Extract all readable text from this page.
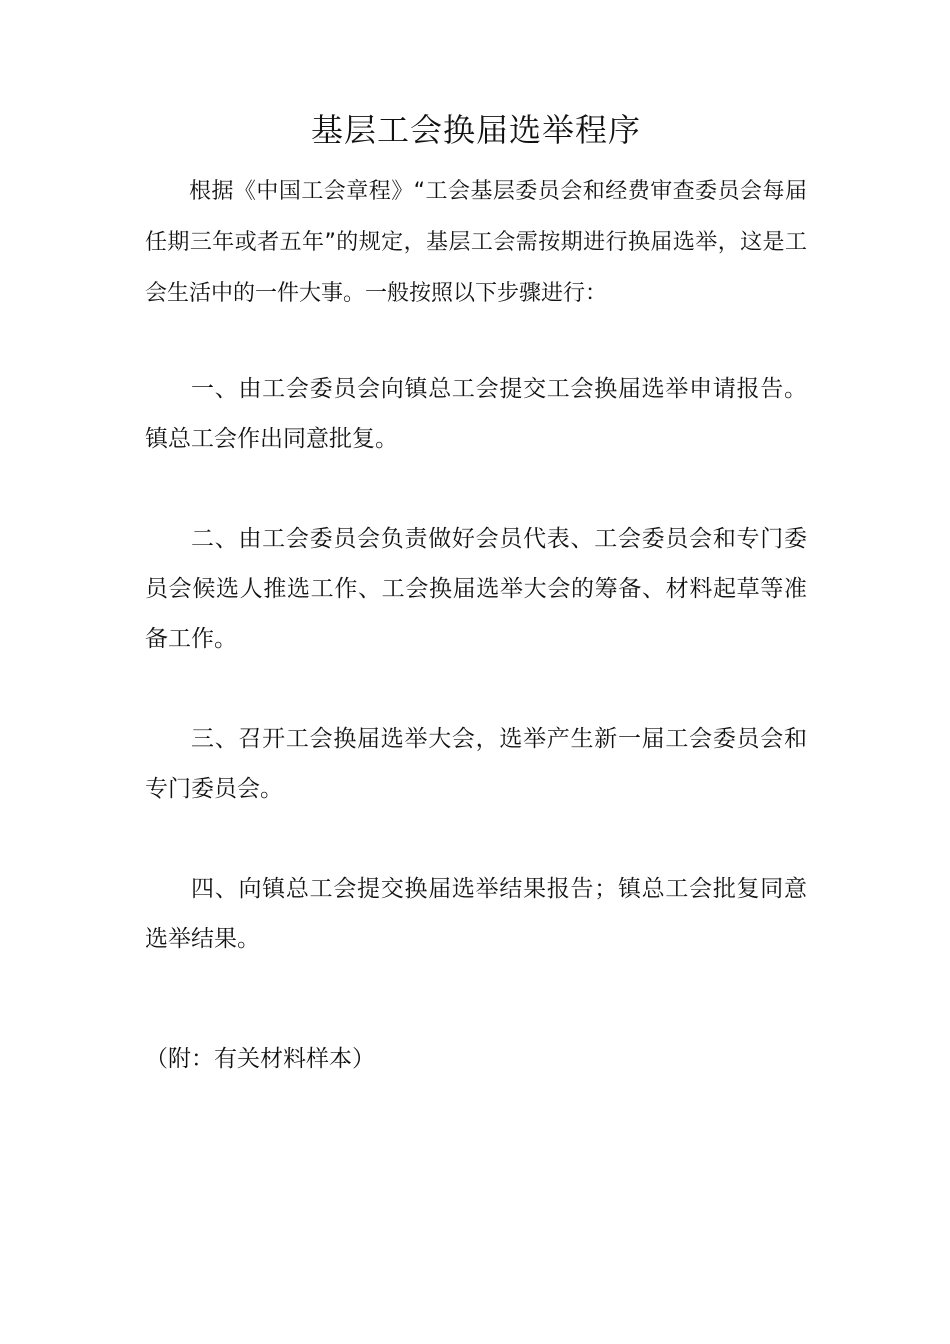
基层工会换届选举程序

根据《中国工会章程》“工会基层委员会和经费审查委员会每届任期三年或者五年”的规定，基层工会需按期进行换届选举，这是工会生活中的一件大事。一般按照以下步骤进行：

一、由工会委员会向镇总工会提交工会换届选举申请报告。镇总工会作出同意批复。

二、由工会委员会负责做好会员代表、工会委员会和专门委员会候选人推选工作、工会换届选举大会的筹备、材料起草等准备工作。

三、召开工会换届选举大会，选举产生新一届工会委员会和专门委员会。

四、向镇总工会提交换届选举结果报告；镇总工会批复同意选举结果。

（附：有关材料样本）
